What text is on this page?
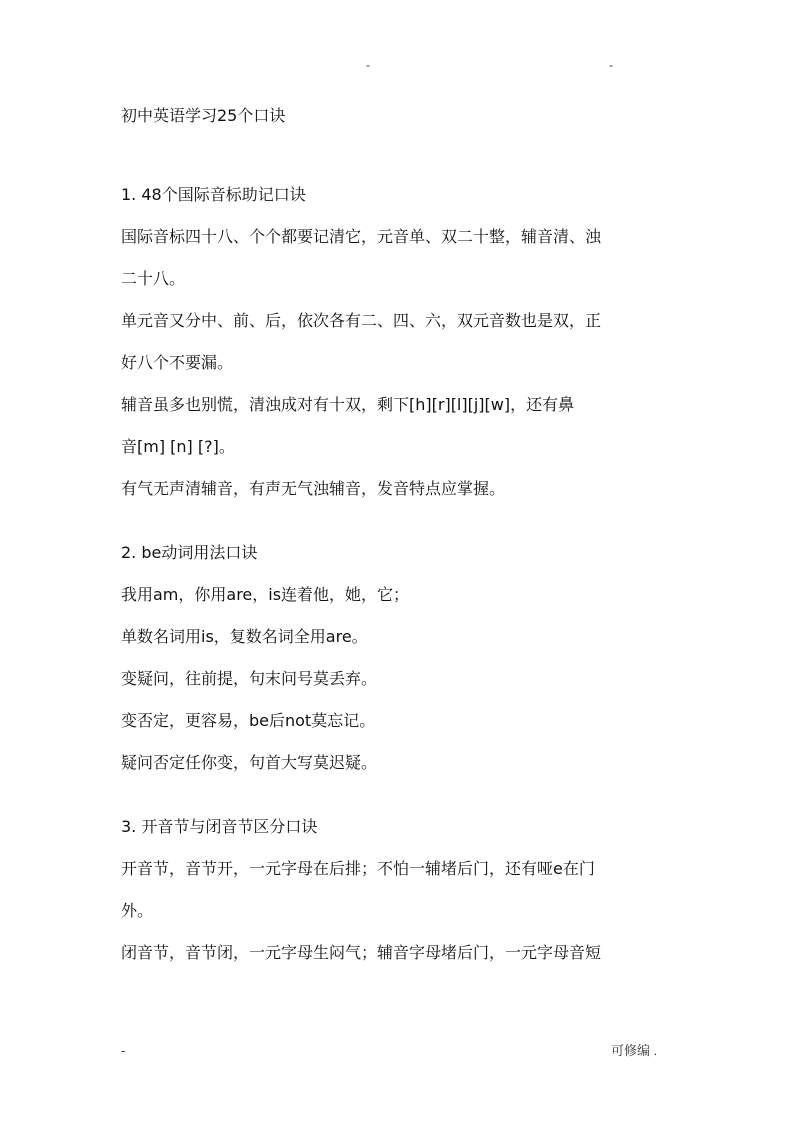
-	-
初中英语学习25个口诀
1. 48个国际音标助记口诀
国际音标四十八、个个都要记清它，元音单、双二十整，辅音清、浊
二十八。
单元音又分中、前、后，依次各有二、四、六，双元音数也是双，正
好八个不要漏。
辅音虽多也别慌，清浊成对有十双，剩下[h][r][l][j][w]，还有鼻
音[m] [n] [?]。
有气无声清辅音，有声无气浊辅音，发音特点应掌握。
2. be动词用法口诀
我用am，你用are，is连着他，她，它；
单数名词用is，复数名词全用are。
变疑问，往前提，句末问号莫丢弃。
变否定，更容易，be后not莫忘记。
疑问否定任你变，句首大写莫迟疑。
3. 开音节与闭音节区分口诀
开音节，音节开，一元字母在后排；不怕一辅堵后门，还有哑e在门
外。
闭音节，音节闭，一元字母生闷气；辅音字母堵后门，一元字母音短
-	可修编 .
